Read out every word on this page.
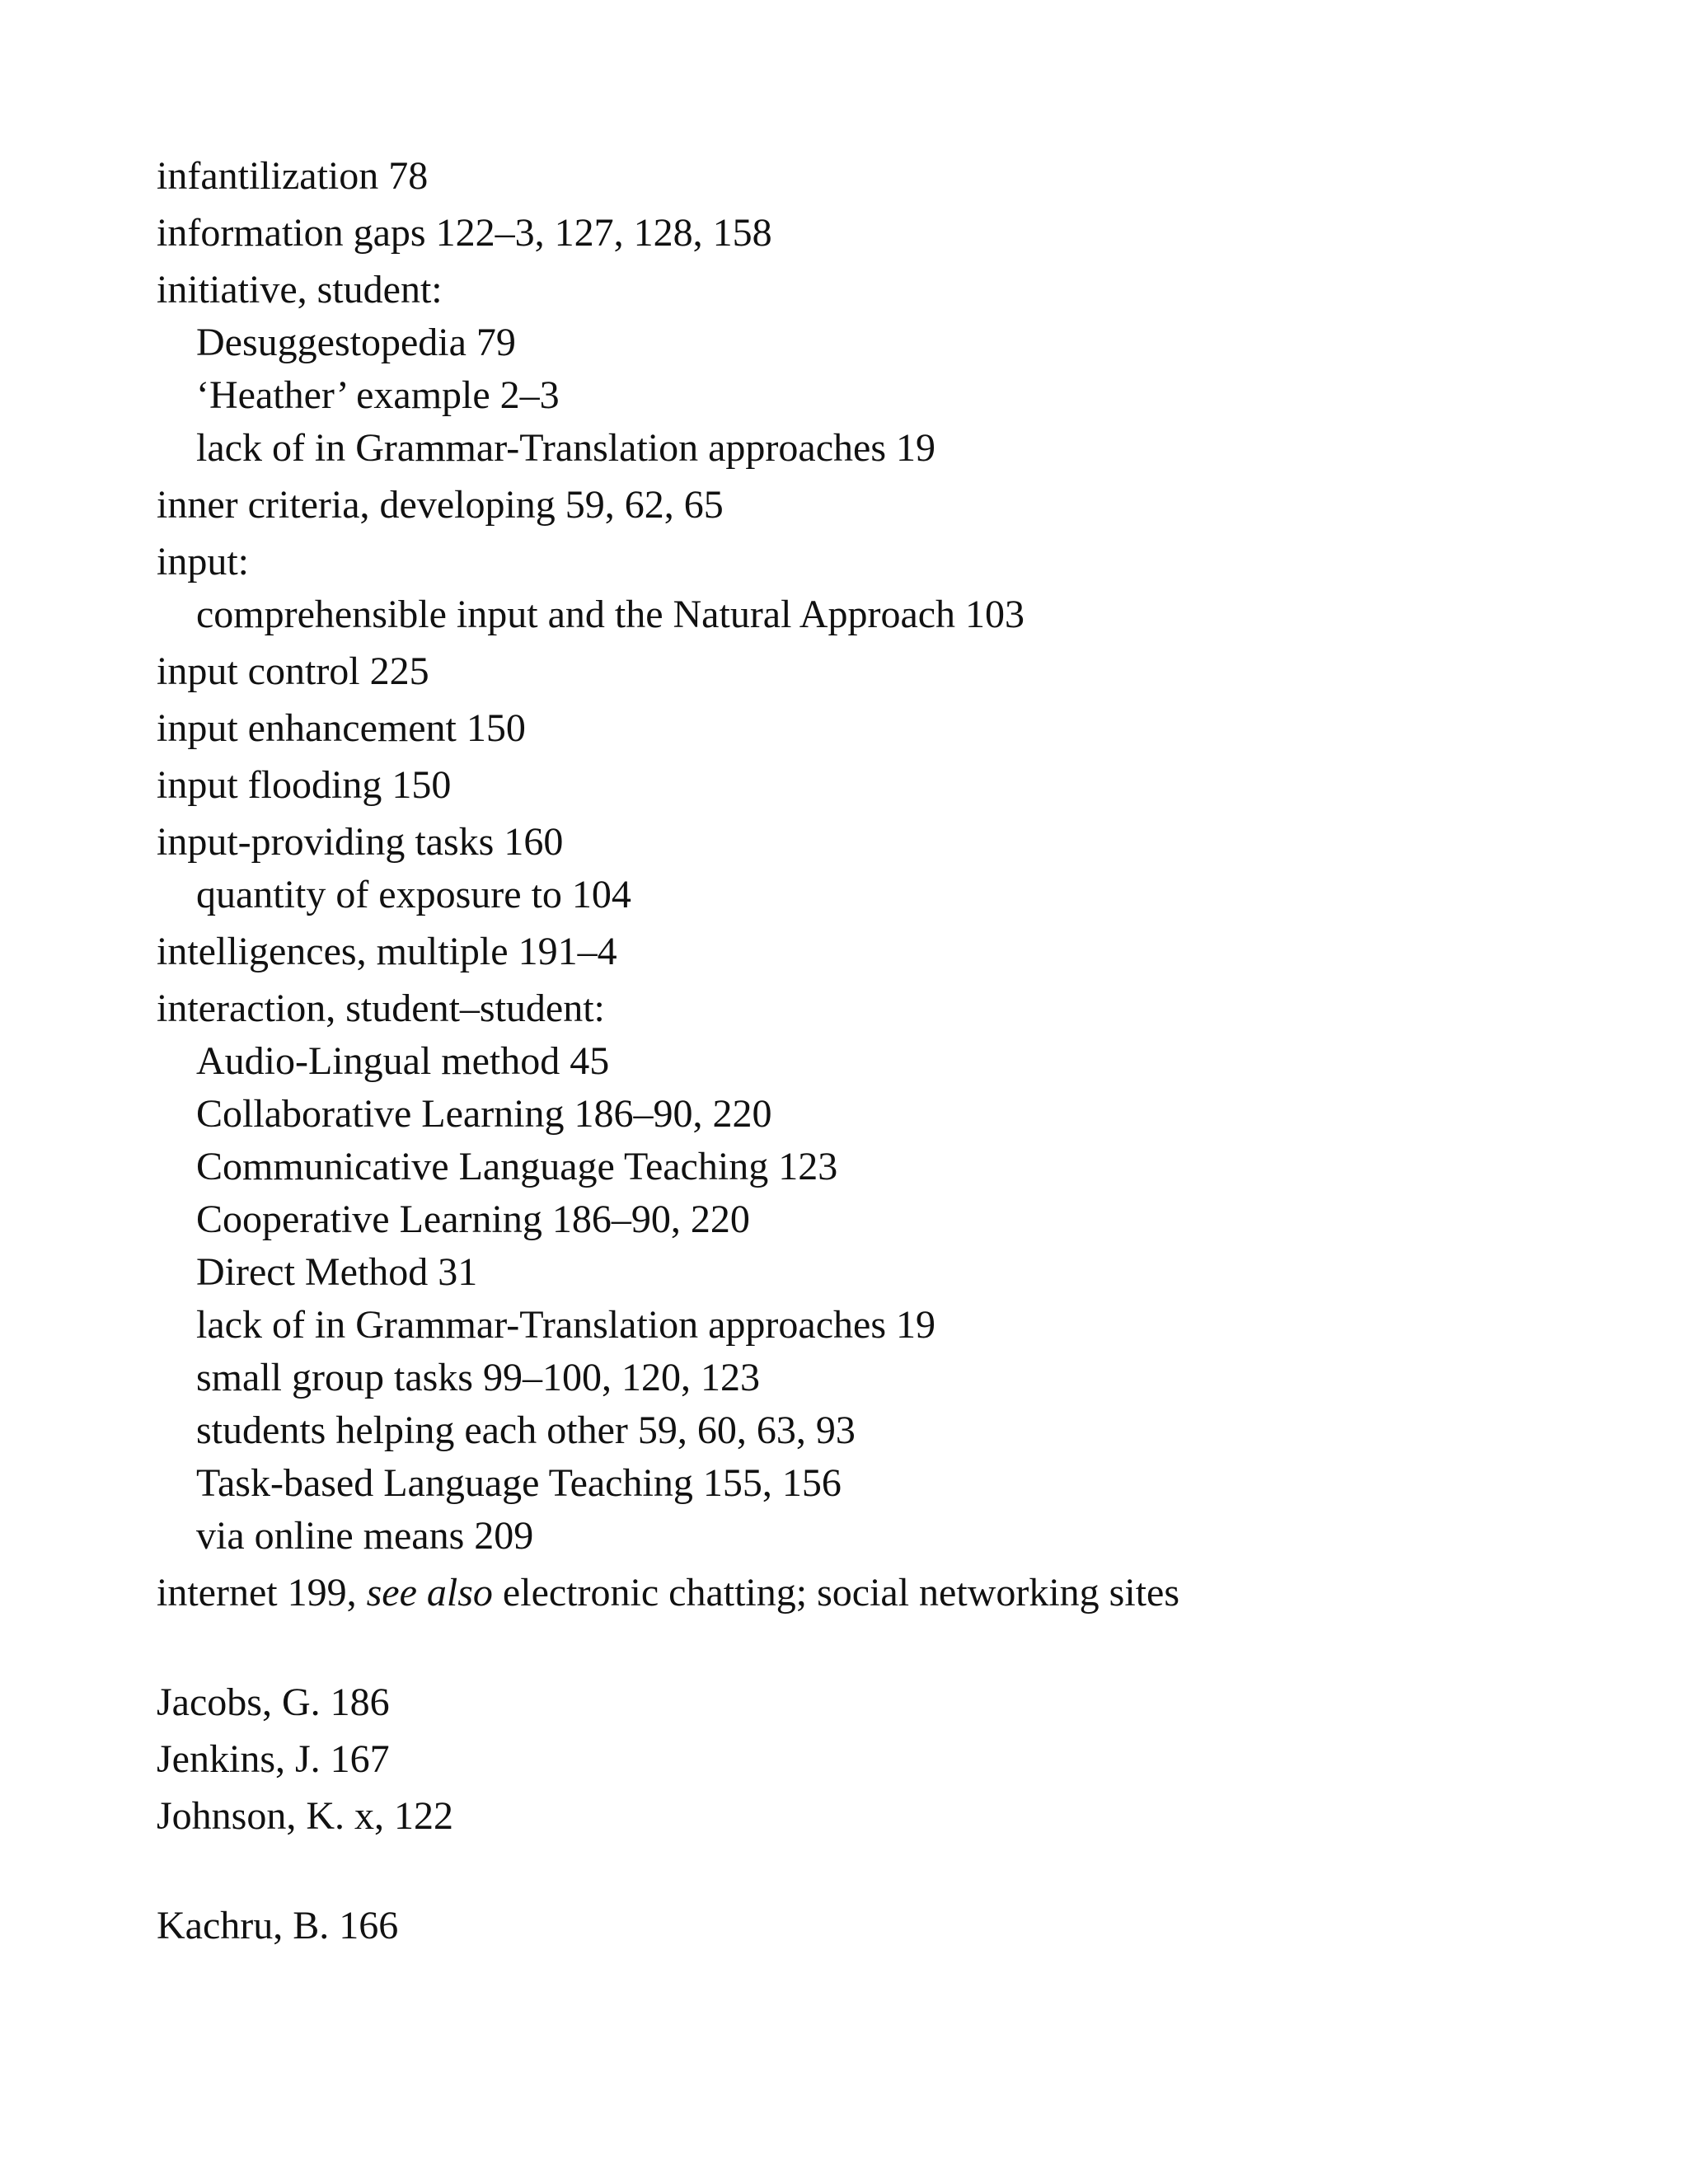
infantilization 78
information gaps 122–3, 127, 128, 158
initiative, student:
Desuggestopedia 79
‘Heather’ example 2–3
lack of in Grammar-Translation approaches 19
inner criteria, developing 59, 62, 65
input:
comprehensible input and the Natural Approach 103
input control 225
input enhancement 150
input flooding 150
input-providing tasks 160
quantity of exposure to 104
intelligences, multiple 191–4
interaction, student–student:
Audio-Lingual method 45
Collaborative Learning 186–90, 220
Communicative Language Teaching 123
Cooperative Learning 186–90, 220
Direct Method 31
lack of in Grammar-Translation approaches 19
small group tasks 99–100, 120, 123
students helping each other 59, 60, 63, 93
Task-based Language Teaching 155, 156
via online means 209
internet 199, see also electronic chatting; social networking sites
Jacobs, G. 186
Jenkins, J. 167
Johnson, K. x, 122
Kachru, B. 166
